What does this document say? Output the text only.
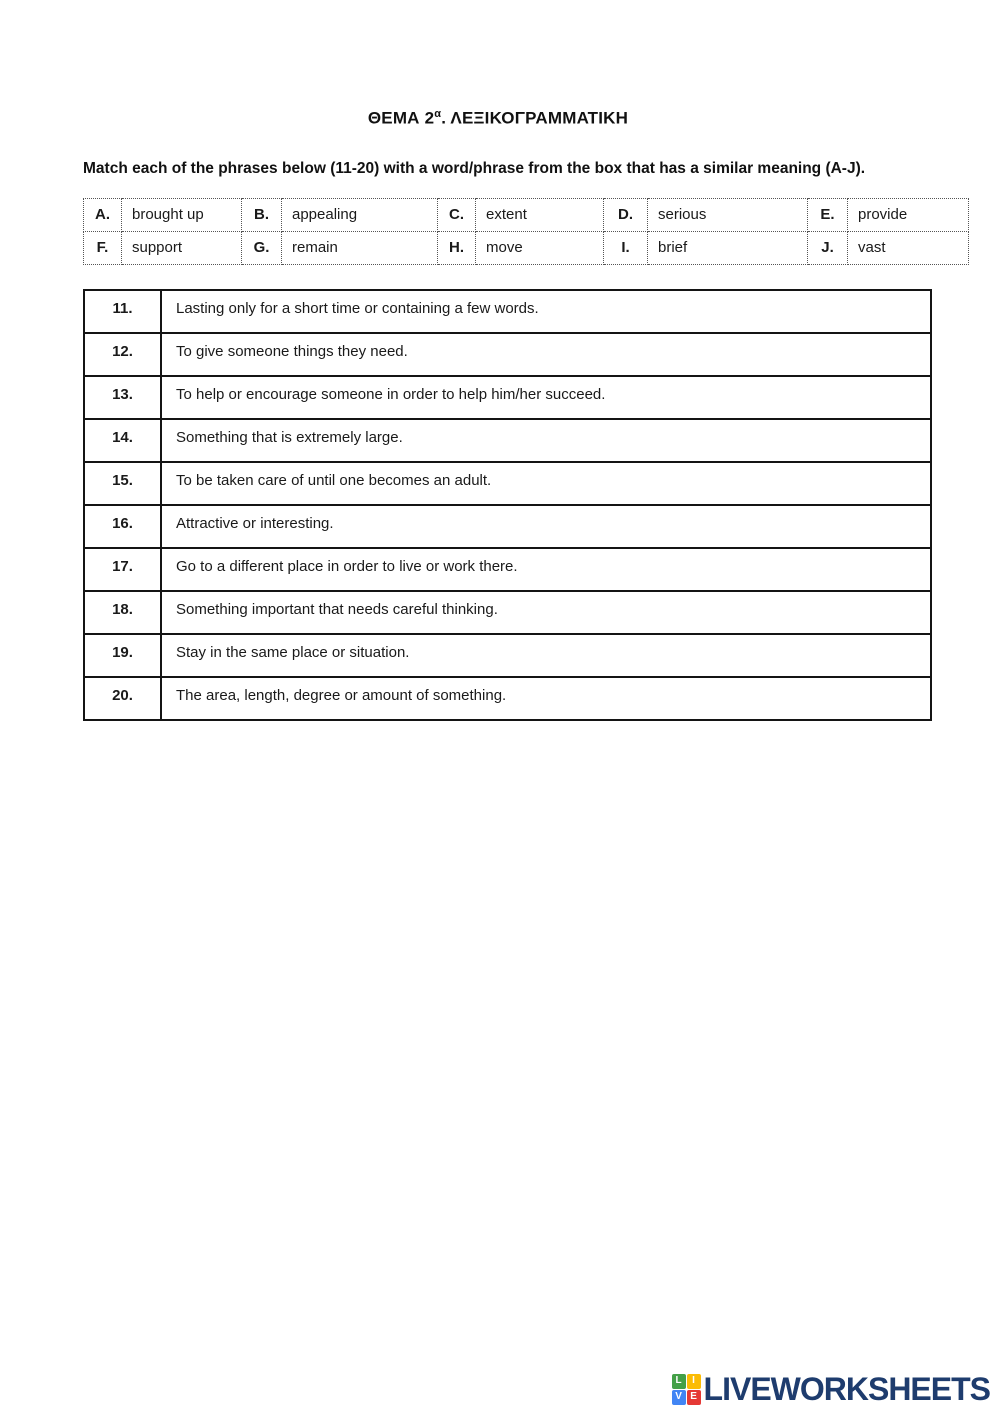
ΘΕΜΑ $2^\alpha$. ΛΕΞΙΚΟΓΡΑΜΜΑΤΙΚΗ
Match each of the phrases below (11-20) with a word/phrase from the box that has a similar meaning (A-J).
A.	brought up	B.	appealing	C.	extent	D.	serious	E.	provide
F.	support	G.	remain	H.	move	I.	brief	J.	vast
11.	Lasting only for a short time or containing a few words.
12.	To give someone things they need.
13.	To help or encourage someone in order to help him/her succeed.
14.	Something that is extremely large.
15.	To be taken care of until one becomes an adult.
16.	Attractive or interesting.
17.	Go to a different place in order to live or work there.
18.	Something important that needs careful thinking.
19.	Stay in the same place or situation.
20.	The area, length, degree or amount of something.
L	I
V E LIVEWORKSHEETS
